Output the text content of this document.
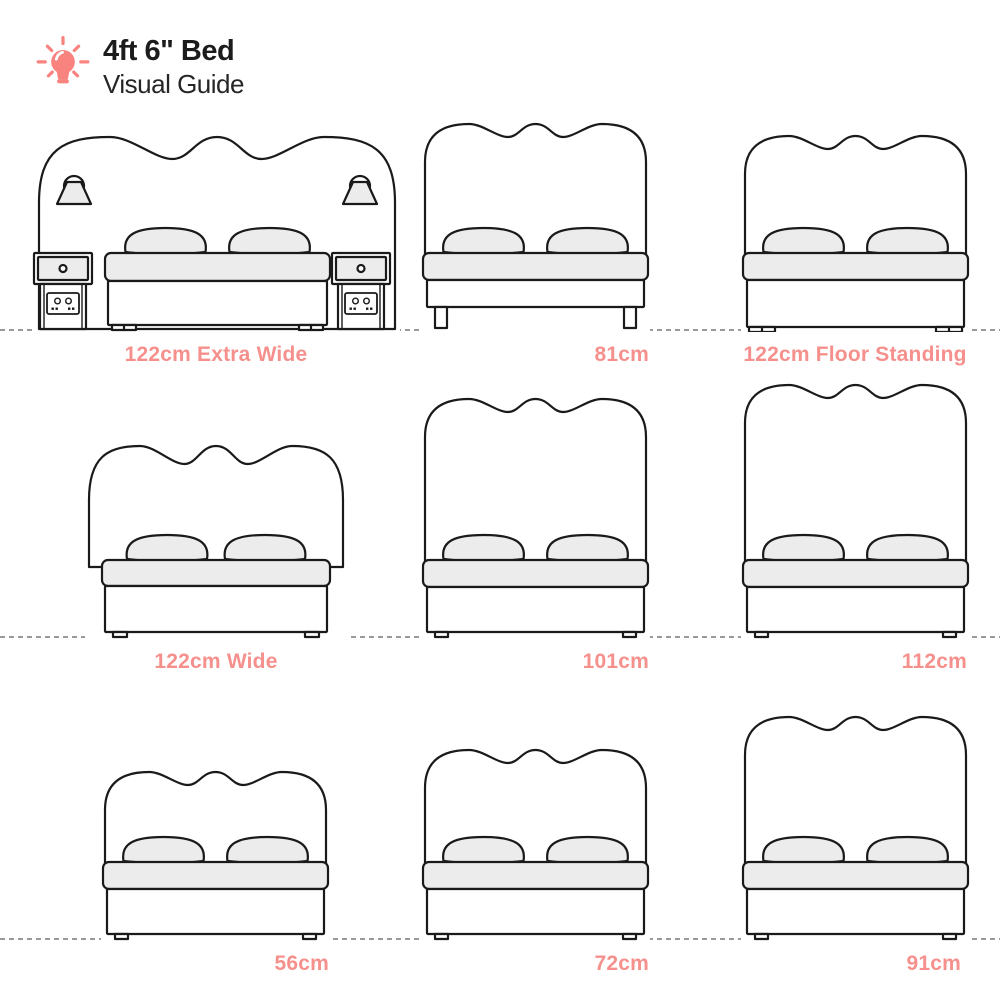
4ft 6" Bed
Visual Guide
122cm Extra Wide	81cm	122cm Floor Standing
122cm Wide	101cm	112cm
56cm	72cm	91cm
